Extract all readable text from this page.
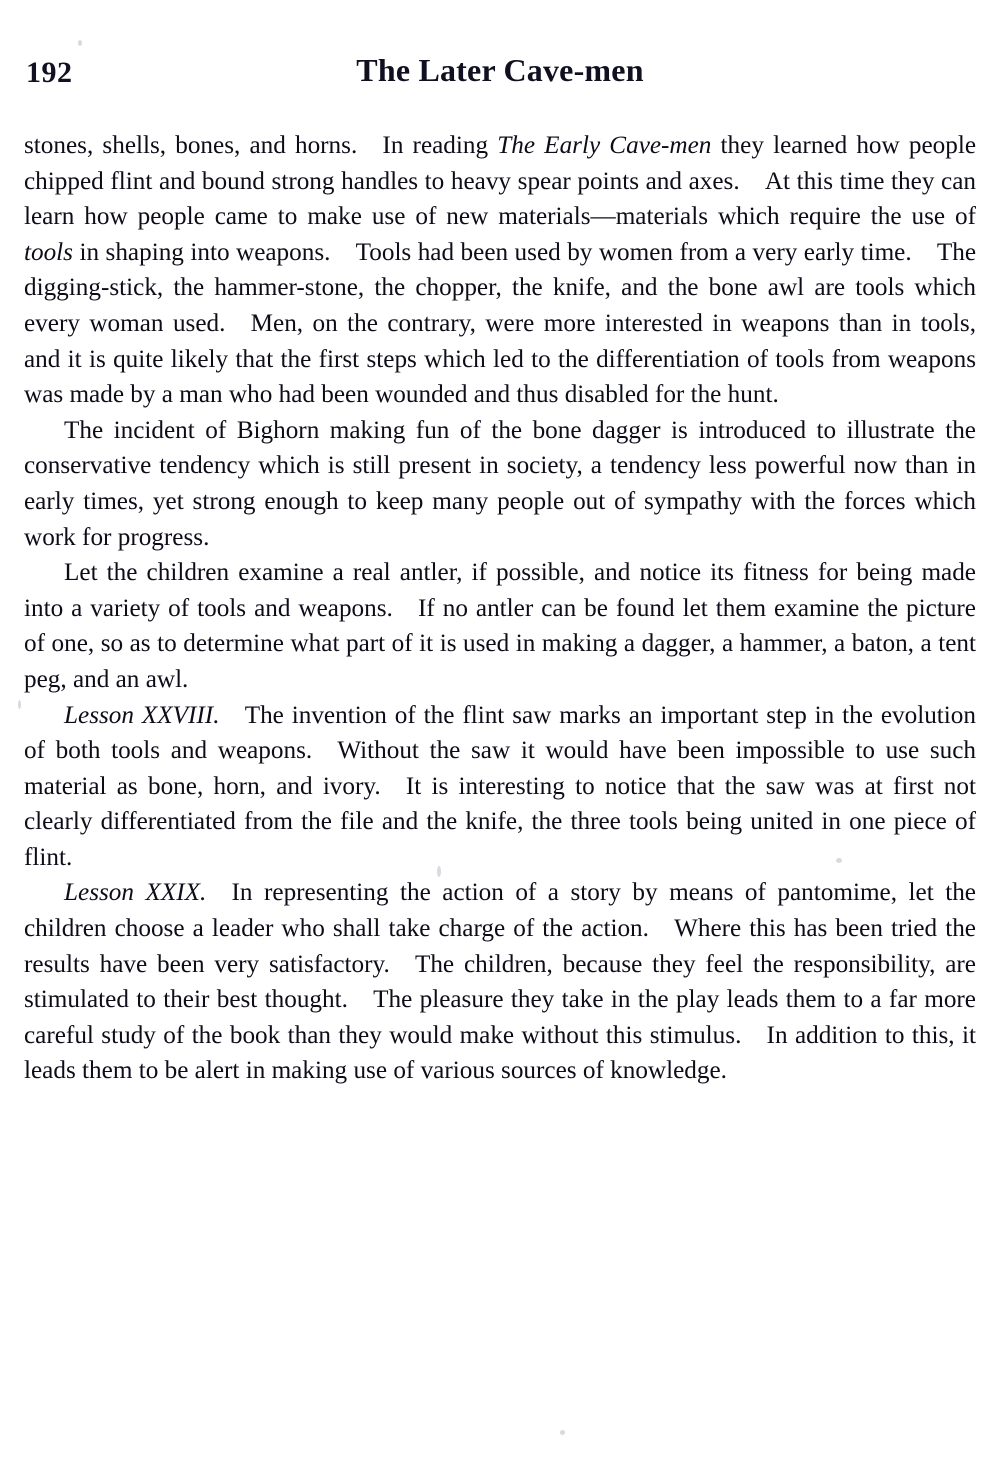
192	The Later Cave-men
stones, shells, bones, and horns. In reading The Early Cave-men they learned how people chipped flint and bound strong handles to heavy spear points and axes. At this time they can learn how people came to make use of new materials—materials which require the use of tools in shaping into weapons. Tools had been used by women from a very early time. The digging-stick, the hammer-stone, the chopper, the knife, and the bone awl are tools which every woman used. Men, on the contrary, were more interested in weapons than in tools, and it is quite likely that the first steps which led to the differentiation of tools from weapons was made by a man who had been wounded and thus disabled for the hunt.
The incident of Bighorn making fun of the bone dagger is introduced to illustrate the conservative tendency which is still present in society, a tendency less powerful now than in early times, yet strong enough to keep many people out of sympathy with the forces which work for progress.
Let the children examine a real antler, if possible, and notice its fitness for being made into a variety of tools and weapons. If no antler can be found let them examine the picture of one, so as to determine what part of it is used in making a dagger, a hammer, a baton, a tent peg, and an awl.
Lesson XXVIII. The invention of the flint saw marks an important step in the evolution of both tools and weapons. Without the saw it would have been impossible to use such material as bone, horn, and ivory. It is interesting to notice that the saw was at first not clearly differentiated from the file and the knife, the three tools being united in one piece of flint.
Lesson XXIX. In representing the action of a story by means of pantomime, let the children choose a leader who shall take charge of the action. Where this has been tried the results have been very satisfactory. The children, because they feel the responsibility, are stimulated to their best thought. The pleasure they take in the play leads them to a far more careful study of the book than they would make without this stimulus. In addition to this, it leads them to be alert in making use of various sources of knowledge.
